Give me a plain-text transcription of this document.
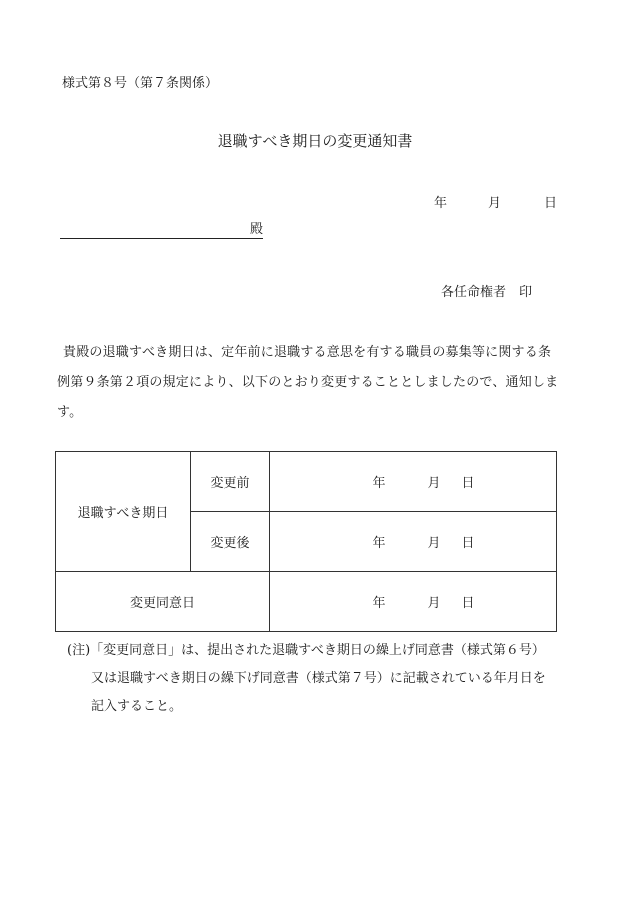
様式第８号（第７条関係）
退職すべき期日の変更通知書
年	月	日
殿
各任命権者　印
貴殿の退職すべき期日は、定年前に退職する意思を有する職員の募集等に関する条例第９条第２項の規定により、以下のとおり変更することとしましたので、通知します。
退職すべき期日	変更前	年 月 日
	変更後	年 月 日
変更同意日		年 月 日
(注)「変更同意日」は、提出された退職すべき期日の繰上げ同意書（様式第６号）
又は退職すべき期日の繰下げ同意書（様式第７号）に記載されている年月日を
記入すること。
